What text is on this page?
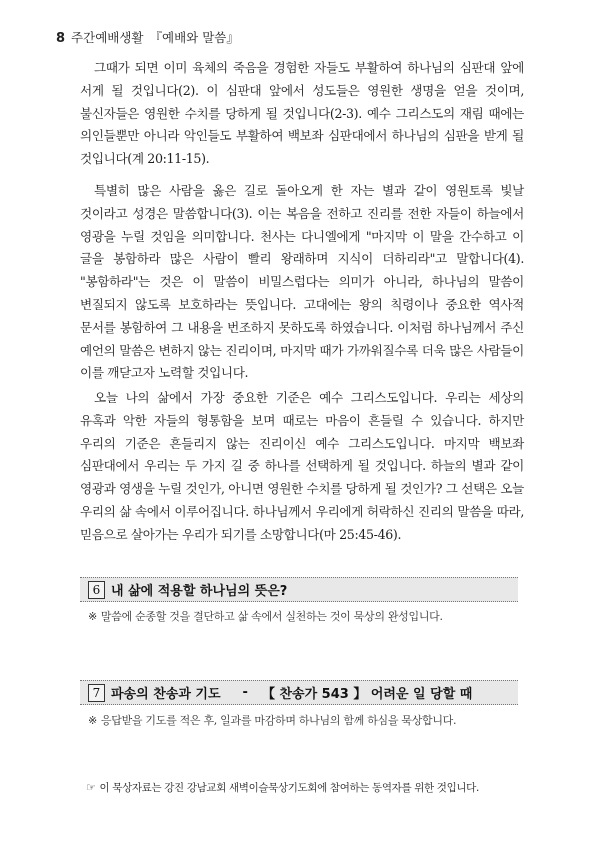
8 주간예배생활 『예배와 말씀』

그때가 되면 이미 육체의 죽음을 경험한 자들도 부활하여 하나님의 심판대 앞에 서게 될 것입니다(2). 이 심판대 앞에서 성도들은 영원한 생명을 얻을 것이며, 불신자들은 영원한 수치를 당하게 될 것입니다(2-3). 예수 그리스도의 재림 때에는 의인들뿐만 아니라 악인들도 부활하여 백보좌 심판대에서 하나님의 심판을 받게 될 것입니다(계 20:11-15).

특별히 많은 사람을 옳은 길로 돌아오게 한 자는 별과 같이 영원토록 빛날 것이라고 성경은 말씀합니다(3). 이는 복음을 전하고 진리를 전한 자들이 하늘에서 영광을 누릴 것임을 의미합니다. 천사는 다니엘에게 "마지막 이 말을 간수하고 이 글을 봉함하라 많은 사람이 빨리 왕래하며 지식이 더하리라"고 말합니다(4). "봉함하라"는 것은 이 말씀이 비밀스럽다는 의미가 아니라, 하나님의 말씀이 변질되지 않도록 보호하라는 뜻입니다. 고대에는 왕의 칙령이나 중요한 역사적 문서를 봉함하여 그 내용을 번조하지 못하도록 하였습니다. 이처럼 하나님께서 주신 예언의 말씀은 변하지 않는 진리이며, 마지막 때가 가까워질수록 더욱 많은 사람들이 이를 깨닫고자 노력할 것입니다.

오늘 나의 삶에서 가장 중요한 기준은 예수 그리스도입니다. 우리는 세상의 유혹과 악한 자들의 형통함을 보며 때로는 마음이 흔들릴 수 있습니다. 하지만 우리의 기준은 흔들리지 않는 진리이신 예수 그리스도입니다. 마지막 백보좌 심판대에서 우리는 두 가지 길 중 하나를 선택하게 될 것입니다. 하늘의 별과 같이 영광과 영생을 누릴 것인가, 아니면 영원한 수치를 당하게 될 것인가? 그 선택은 오늘 우리의 삶 속에서 이루어집니다. 하나님께서 우리에게 허락하신 진리의 말씀을 따라, 믿음으로 살아가는 우리가 되기를 소망합니다(마 25:45-46).

6 내 삶에 적용할 하나님의 뜻은?
※ 말씀에 순종할 것을 결단하고 삶 속에서 실천하는 것이 묵상의 완성입니다.
7 파송의 찬송과 기도 - 【 찬송가 543 】 어려운 일 당할 때
※ 응답받을 기도를 적은 후, 일과를 마감하며 하나님의 함께 하심을 묵상합니다.
☞ 이 묵상자료는 강진 강남교회 새벽이슬묵상기도회에 참여하는 동역자를 위한 것입니다.
